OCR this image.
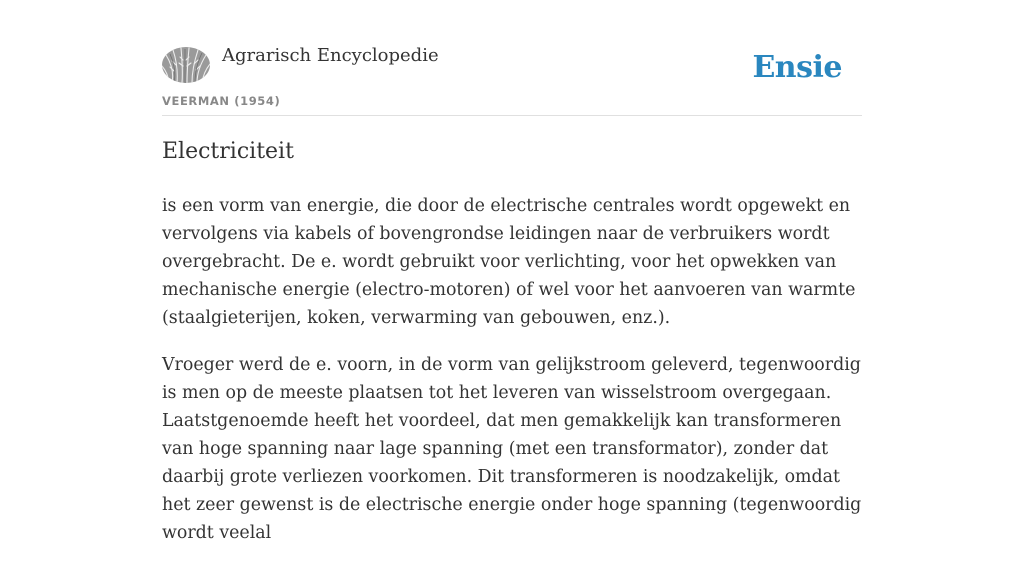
Agrarisch Encyclopedie
VEERMAN (1954)
Ensie
Electriciteit

is een vorm van energie, die door de electrische centrales wordt opgewekt en vervolgens via kabels of bovengrondse leidingen naar de verbruikers wordt overgebracht. De e. wordt gebruikt voor verlichting, voor het opwekken van mechanische energie (electro-motoren) of wel voor het aanvoeren van warmte (staalgieterijen, koken, verwarming van gebouwen, enz.).

Vroeger werd de e. voorn, in de vorm van gelijkstroom geleverd, tegenwoordig is men op de meeste plaatsen tot het leveren van wisselstroom overgegaan. Laatstgenoemde heeft het voordeel, dat men gemakkelijk kan transformeren van hoge spanning naar lage spanning (met een transformator), zonder dat daarbij grote verliezen voorkomen. Dit transformeren is noodzakelijk, omdat het zeer gewenst is de electrische energie onder hoge spanning (tegenwoordig wordt veelal
